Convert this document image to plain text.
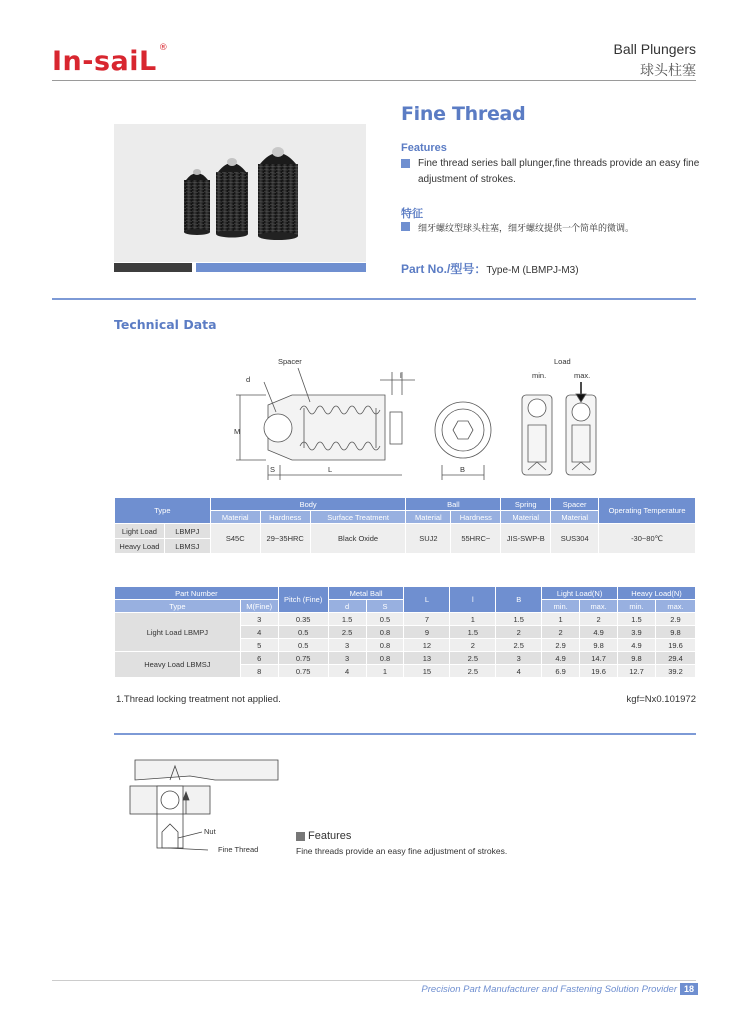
In-saiL ®	Ball Plungers
球头柱塞
Fine Thread
Features
Fine thread series ball plunger,fine threads provide an easy fine adjustment of strokes.
特征
细牙螺纹型球头柱塞，细牙螺纹提供一个简单的微调。
Part No./型号：Type-M (LBMPJ-M3)
Technical Data
Spacer
d
M
S	L
l
B
Load
min.	max.
Type		Body			Ball		Spring	Spacer	Operating Temperature
		Material	Hardness	Surface Treatment	Material	Hardness	Material	Material	
Light Load	LBMPJ	S45C	29~35HRC	Black Oxide	SUJ2	55HRC~	JIS-SWP-B	SUS304	-30~80℃
Heavy Load	LBMSJ								
Part Number		Pitch (Fine)	Metal Ball		L	l	B	Light Load(N)		Heavy Load(N)	
Type	M(Fine)		d	S				min.	max.	min.	max.
Light Load LBMPJ	3	0.35	1.5	0.5	7	1	1.5	1	2	1.5	2.9
	4	0.5	2.5	0.8	9	1.5	2	2	4.9	3.9	9.8
	5	0.5	3	0.8	12	2	2.5	2.9	9.8	4.9	19.6
Heavy Load LBMSJ	6	0.75	3	0.8	13	2.5	3	4.9	14.7	9.8	29.4
	8	0.75	4	1	15	2.5	4	6.9	19.6	12.7	39.2
1.Thread locking treatment not applied.	kgf=Nx0.101972
Nut
Fine Thread
Features
Fine threads provide an easy fine adjustment of strokes.
Precision Part Manufacturer and Fastening Solution Provider 18
